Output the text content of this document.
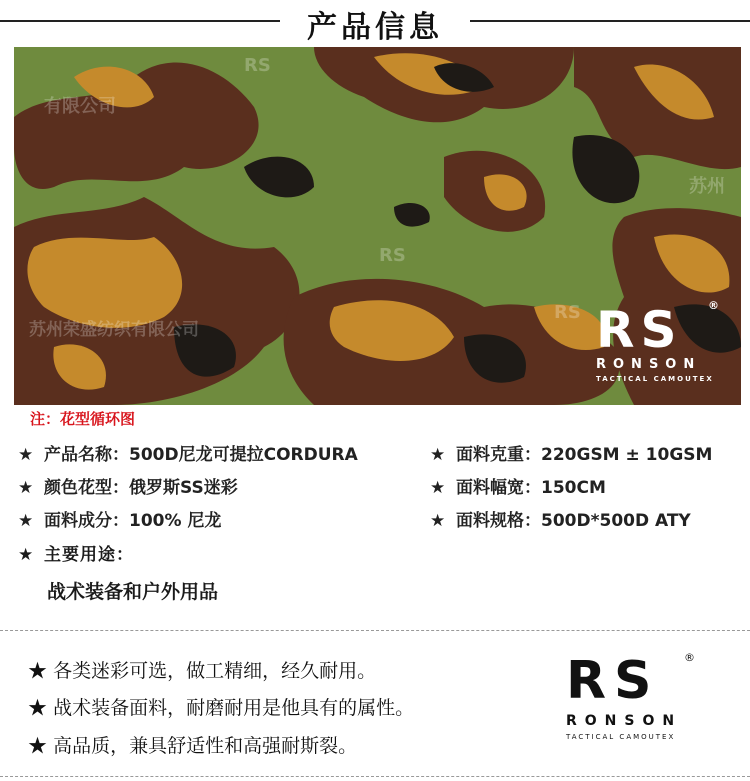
产品信息
RS
有限公司
RS
苏州
RS
苏州荣盛纺织有限公司	RS	®
RONSON
TACTICAL CAMOUTEX
注：花型循环图
★ 产品名称：500D尼龙可提拉CORDURA
★ 颜色花型：俄罗斯SS迷彩
★ 面料成分：100% 尼龙
★ 面料克重：220GSM ± 10GSM
★ 面料幅宽：150CM
★ 面料规格：500D*500D ATY
★ 主要用途：
战术装备和户外用品
★ 各类迷彩可选，做工精细，经久耐用。
★ 战术装备面料，耐磨耐用是他具有的属性。
★ 高品质，兼具舒适性和高强耐斯裂。
RS	®
RONSON
TACTICAL CAMOUTEX
